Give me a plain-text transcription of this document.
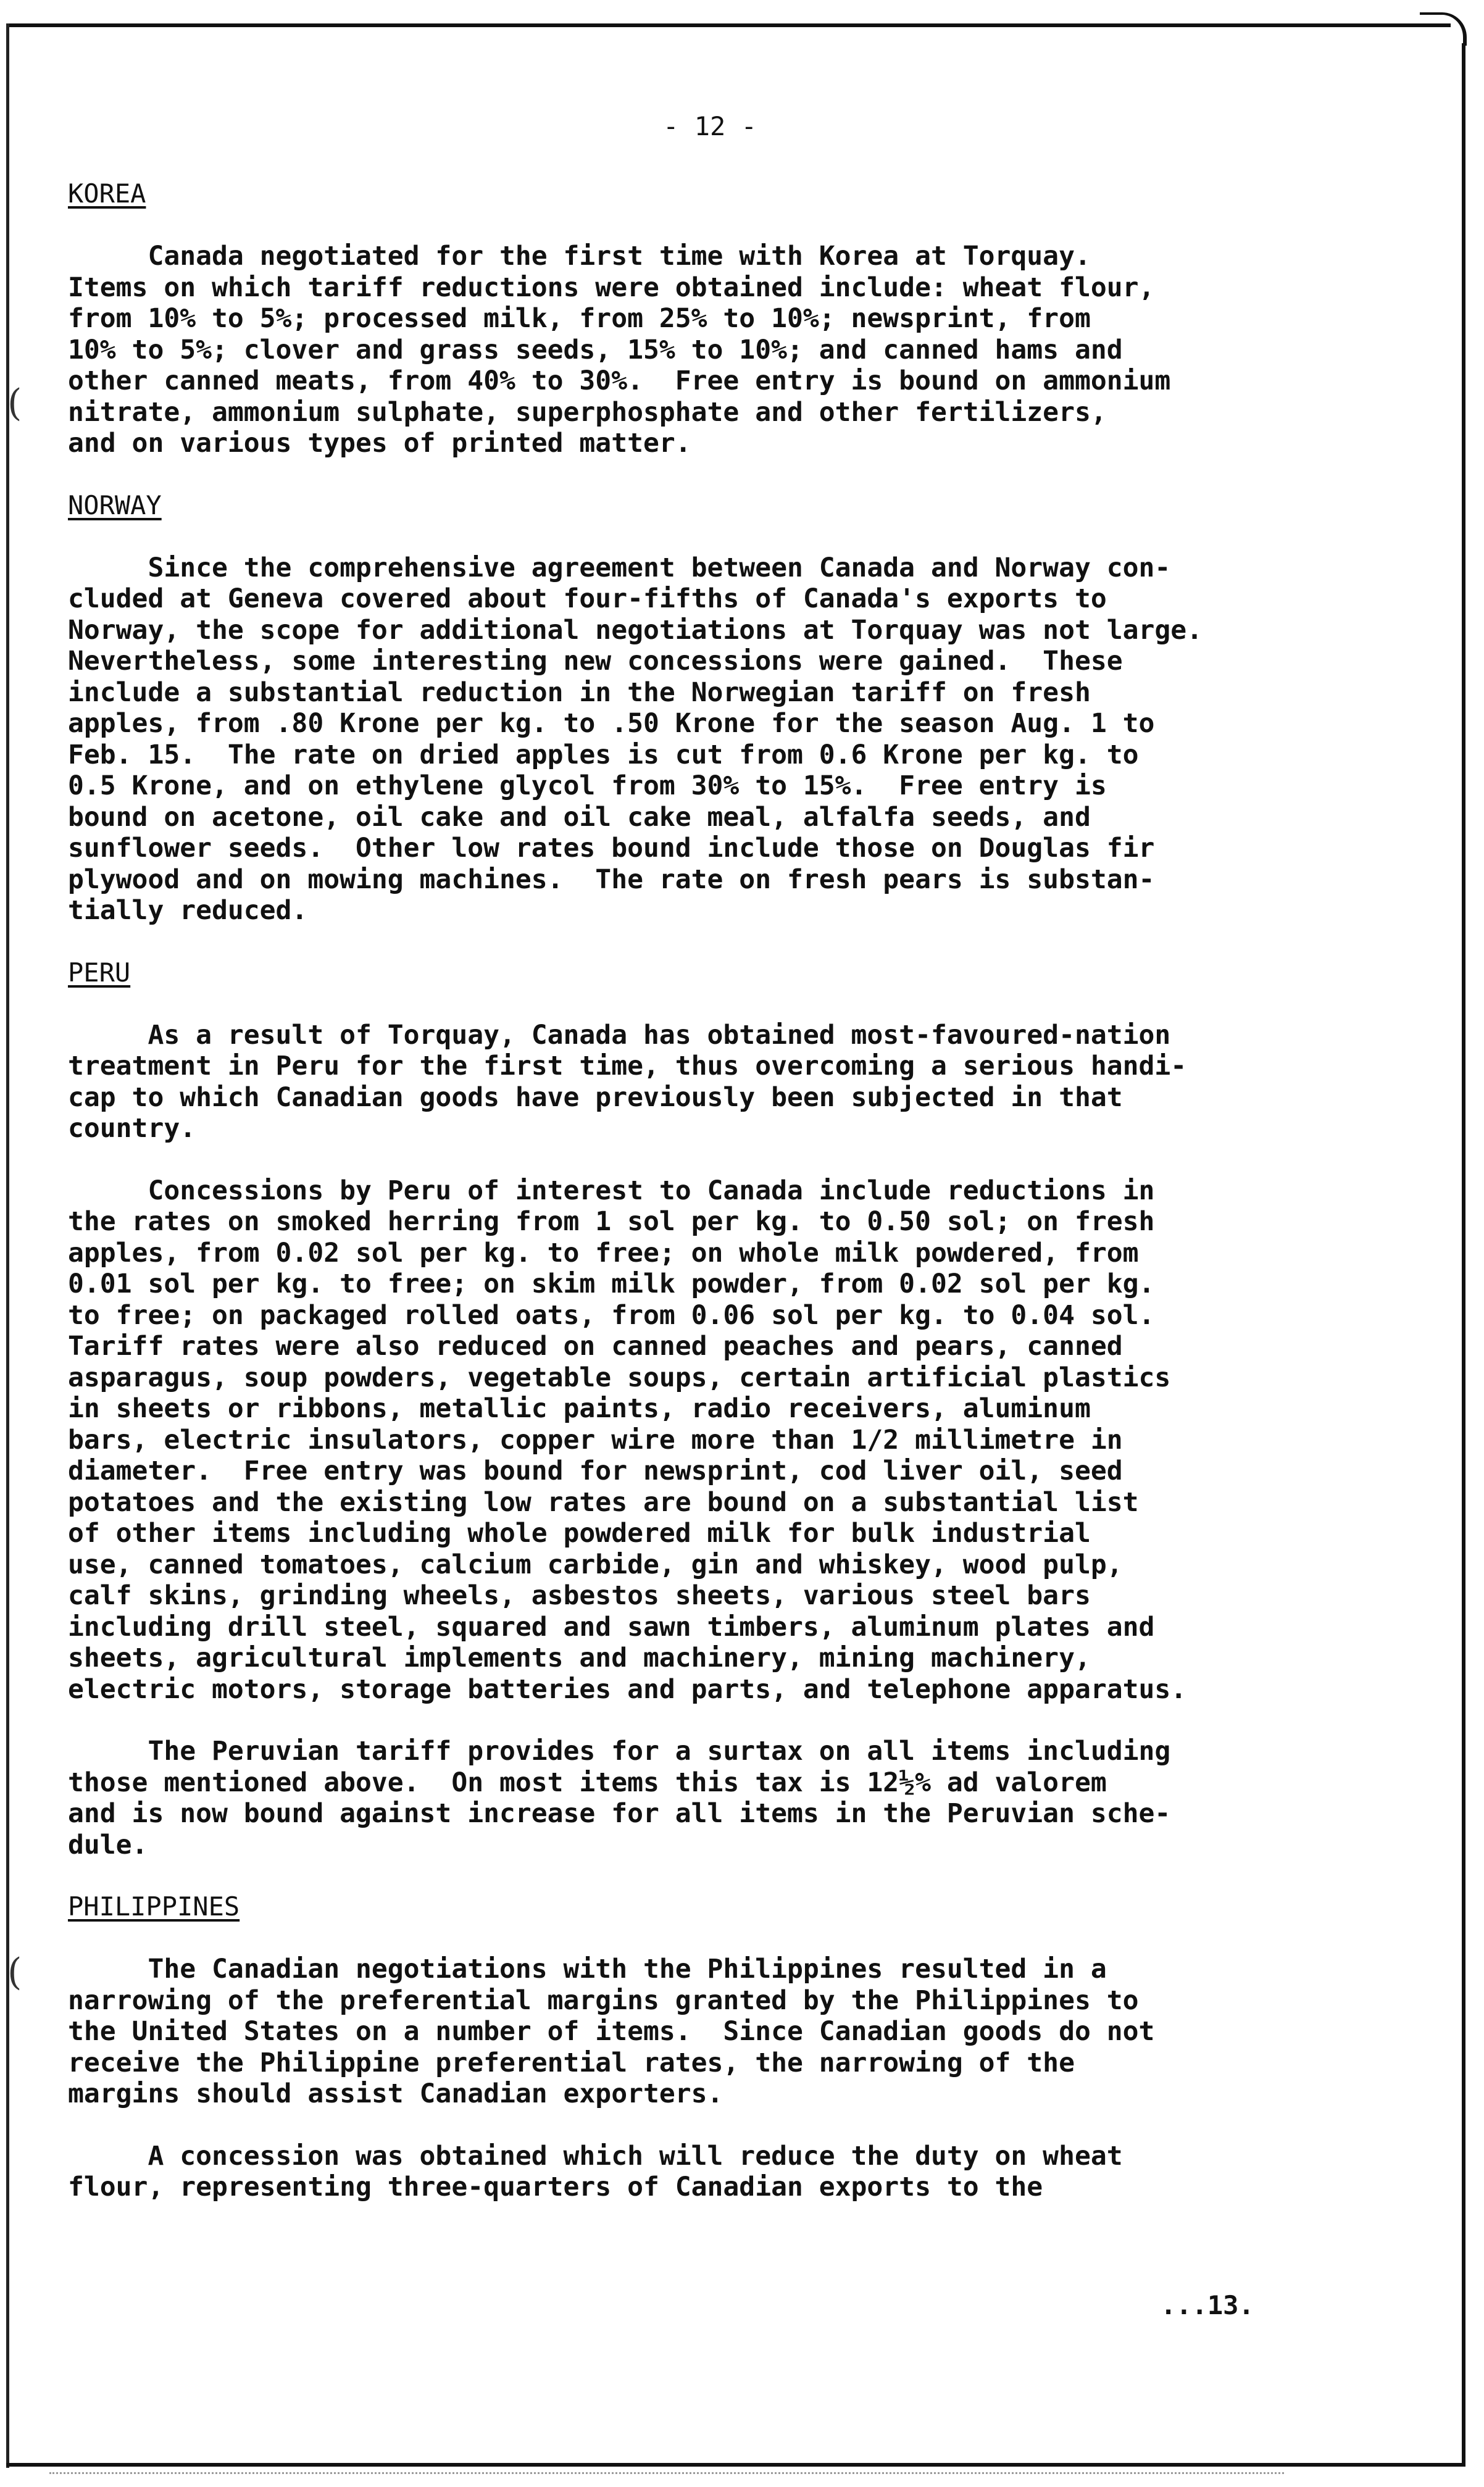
(
(
- 12 -
KOREA

Canada negotiated for the first time with Korea at Torquay.
Items on which tariff reductions were obtained include: wheat flour,
from 10% to 5%; processed milk, from 25% to 10%; newsprint, from
10% to 5%; clover and grass seeds, 15% to 10%; and canned hams and
other canned meats, from 40% to 30%.  Free entry is bound on ammonium
nitrate, ammonium sulphate, superphosphate and other fertilizers,
and on various types of printed matter.

NORWAY

Since the comprehensive agreement between Canada and Norway con-
cluded at Geneva covered about four-fifths of Canada's exports to
Norway, the scope for additional negotiations at Torquay was not large.
Nevertheless, some interesting new concessions were gained.  These
include a substantial reduction in the Norwegian tariff on fresh
apples, from .80 Krone per kg. to .50 Krone for the season Aug. 1 to
Feb. 15.  The rate on dried apples is cut from 0.6 Krone per kg. to
0.5 Krone, and on ethylene glycol from 30% to 15%.  Free entry is
bound on acetone, oil cake and oil cake meal, alfalfa seeds, and
sunflower seeds.  Other low rates bound include those on Douglas fir
plywood and on mowing machines.  The rate on fresh pears is substan-
tially reduced.

PERU

As a result of Torquay, Canada has obtained most-favoured-nation
treatment in Peru for the first time, thus overcoming a serious handi-
cap to which Canadian goods have previously been subjected in that
country.

Concessions by Peru of interest to Canada include reductions in
the rates on smoked herring from 1 sol per kg. to 0.50 sol; on fresh
apples, from 0.02 sol per kg. to free; on whole milk powdered, from
0.01 sol per kg. to free; on skim milk powder, from 0.02 sol per kg.
to free; on packaged rolled oats, from 0.06 sol per kg. to 0.04 sol.
Tariff rates were also reduced on canned peaches and pears, canned
asparagus, soup powders, vegetable soups, certain artificial plastics
in sheets or ribbons, metallic paints, radio receivers, aluminum
bars, electric insulators, copper wire more than 1/2 millimetre in
diameter.  Free entry was bound for newsprint, cod liver oil, seed
potatoes and the existing low rates are bound on a substantial list
of other items including whole powdered milk for bulk industrial
use, canned tomatoes, calcium carbide, gin and whiskey, wood pulp,
calf skins, grinding wheels, asbestos sheets, various steel bars
including drill steel, squared and sawn timbers, aluminum plates and
sheets, agricultural implements and machinery, mining machinery,
electric motors, storage batteries and parts, and telephone apparatus.

The Peruvian tariff provides for a surtax on all items including
those mentioned above.  On most items this tax is 12½% ad valorem
and is now bound against increase for all items in the Peruvian sche-
dule.

PHILIPPINES

The Canadian negotiations with the Philippines resulted in a
narrowing of the preferential margins granted by the Philippines to
the United States on a number of items.  Since Canadian goods do not
receive the Philippine preferential rates, the narrowing of the
margins should assist Canadian exporters.

A concession was obtained which will reduce the duty on wheat
flour, representing three-quarters of Canadian exports to the

...13.
